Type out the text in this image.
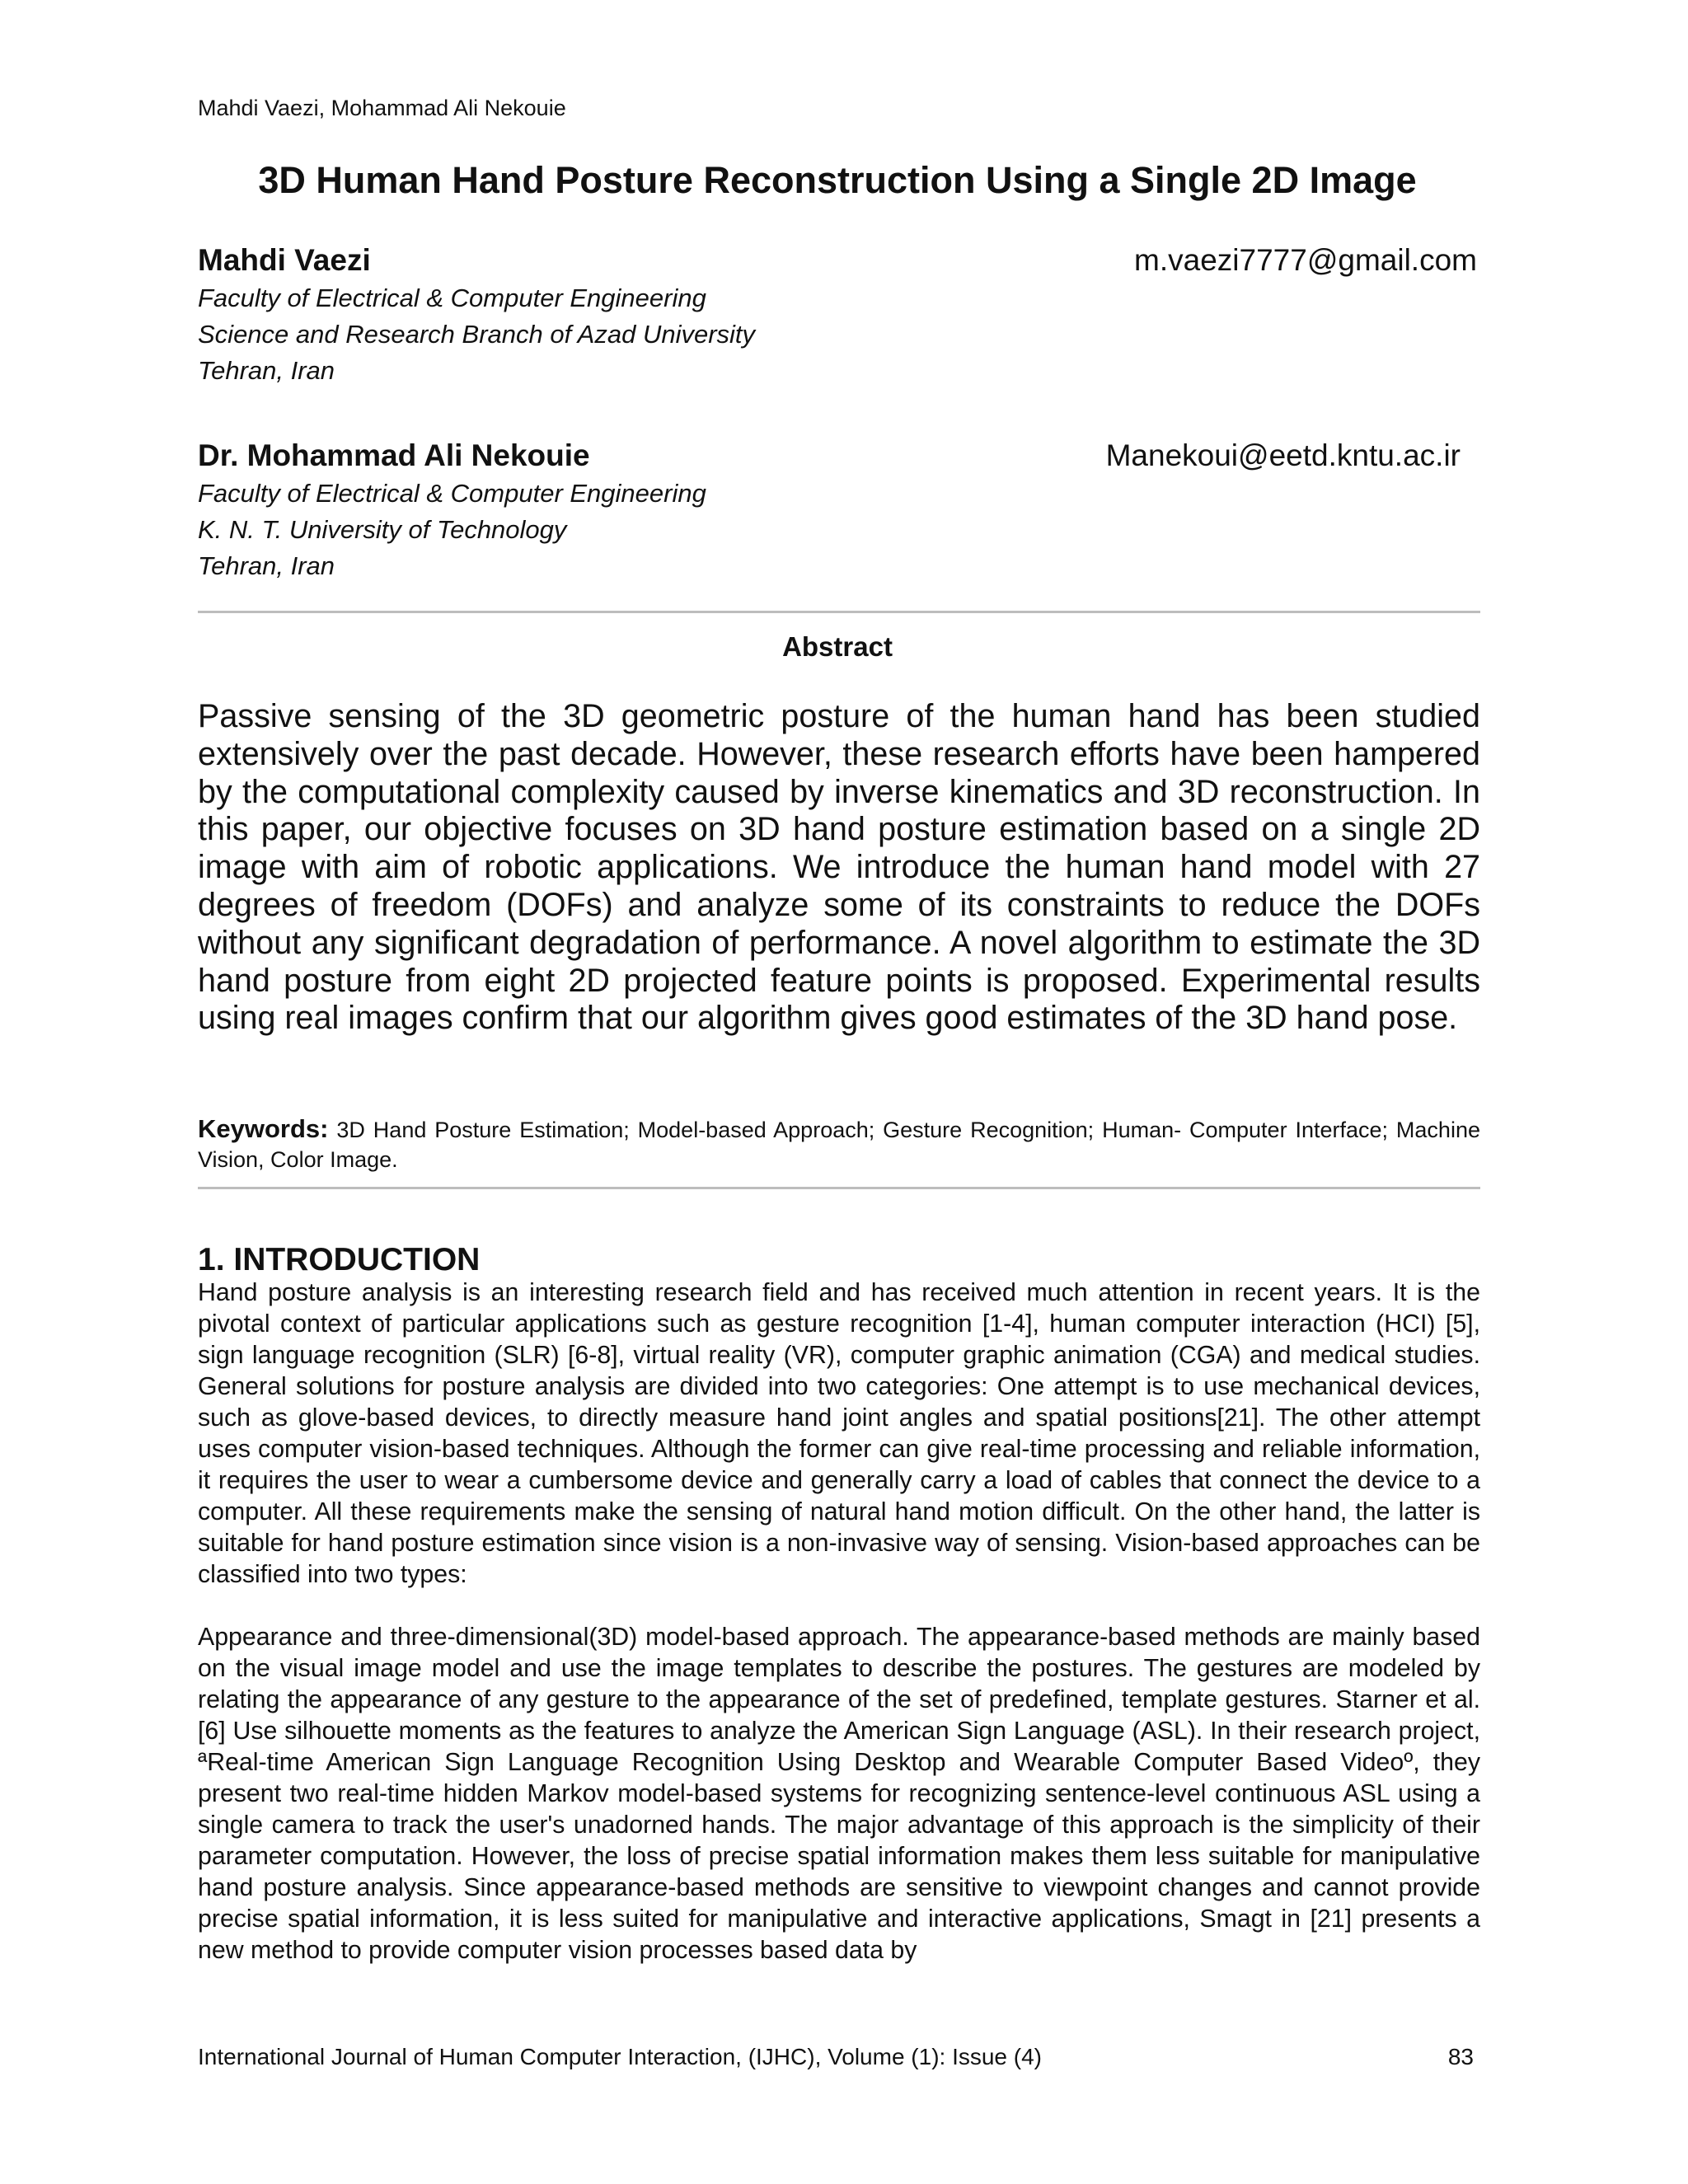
Mahdi Vaezi, Mohammad Ali Nekouie
3D Human Hand Posture Reconstruction Using a Single 2D Image
Mahdi Vaezi	m.vaezi7777@gmail.com
Faculty of Electrical & Computer Engineering
Science and Research Branch of Azad University
Tehran, Iran
Dr. Mohammad Ali Nekouie	Manekoui@eetd.kntu.ac.ir
Faculty of Electrical & Computer Engineering
K. N. T. University of Technology
Tehran, Iran
Abstract

Passive sensing of the 3D geometric posture of the human hand has been studied extensively over the past decade. However, these research efforts have been hampered by the computational complexity caused by inverse kinematics and 3D reconstruction. In this paper, our objective focuses on 3D hand posture estimation based on a single 2D image with aim of robotic applications. We introduce the human hand model with 27 degrees of freedom (DOFs) and analyze some of its constraints to reduce the DOFs without any significant degradation of performance. A novel algorithm to estimate the 3D hand posture from eight 2D projected feature points is proposed. Experimental results using real images confirm that our algorithm gives good estimates of the 3D hand pose.

Keywords: 3D Hand Posture Estimation; Model-based Approach; Gesture Recognition; Human- Computer Interface; Machine Vision, Color Image.

1. INTRODUCTION

Hand posture analysis is an interesting research field and has received much attention in recent years. It is the pivotal context of particular applications such as gesture recognition [1-4], human computer interaction (HCI) [5], sign language recognition (SLR) [6-8], virtual reality (VR), computer graphic animation (CGA) and medical studies. General solutions for posture analysis are divided into two categories: One attempt is to use mechanical devices, such as glove-based devices, to directly measure hand joint angles and spatial positions[21]. The other attempt uses computer vision-based techniques. Although the former can give real-time processing and reliable information, it requires the user to wear a cumbersome device and generally carry a load of cables that connect the device to a computer. All these requirements make the sensing of natural hand motion difficult. On the other hand, the latter is suitable for hand posture estimation since vision is a non-invasive way of sensing. Vision-based approaches can be classified into two types:

Appearance and three-dimensional(3D) model-based approach. The appearance-based methods are mainly based on the visual image model and use the image templates to describe the postures. The gestures are modeled by relating the appearance of any gesture to the appearance of the set of predefined, template gestures. Starner et al. [6] Use silhouette moments as the features to analyze the American Sign Language (ASL). In their research project, ªReal-time American Sign Language Recognition Using Desktop and Wearable Computer Based Videoº, they present two real-time hidden Markov model-based systems for recognizing sentence-level continuous ASL using a single camera to track the user's unadorned hands. The major advantage of this approach is the simplicity of their parameter computation. However, the loss of precise spatial information makes them less suitable for manipulative hand posture analysis. Since appearance-based methods are sensitive to viewpoint changes and cannot provide precise spatial information, it is less suited for manipulative and interactive applications, Smagt in [21] presents a new method to provide computer vision processes based data by

International Journal of Human Computer Interaction, (IJHC), Volume (1): Issue (4)	83
